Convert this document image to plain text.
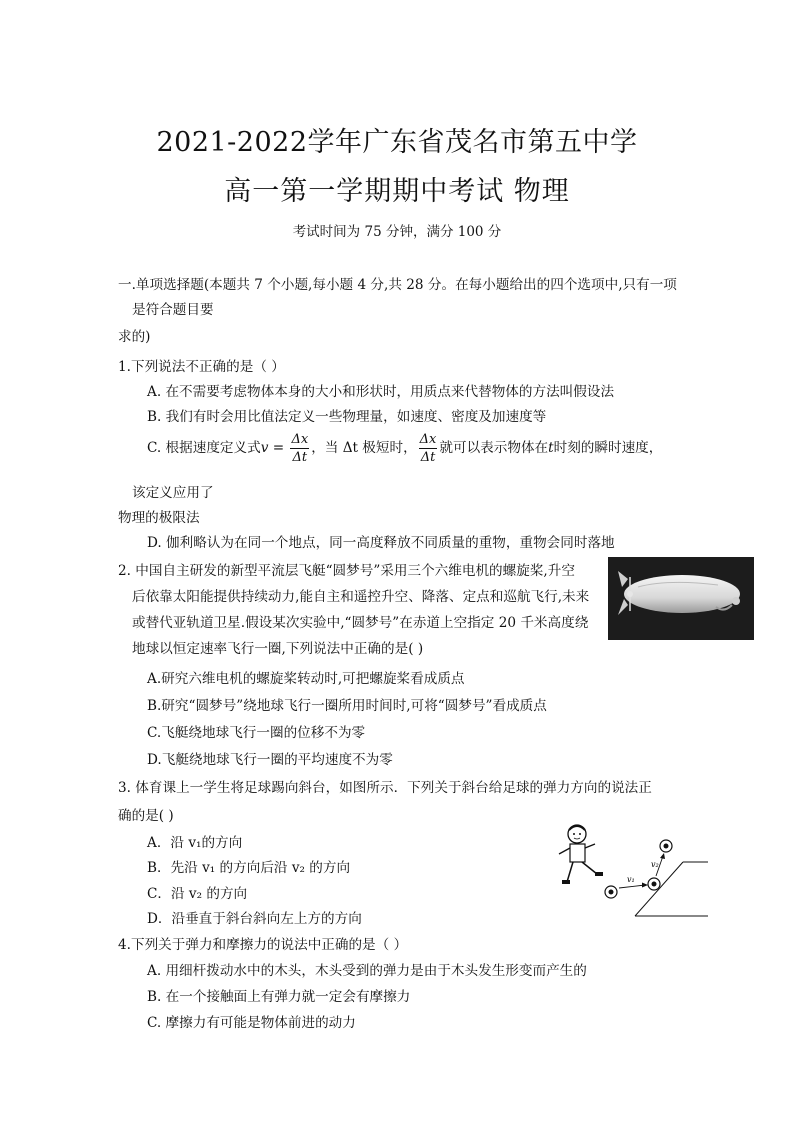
2021-2022学年广东省茂名市第五中学
高一第一学期期中考试 物理
考试时间为 75 分钟，满分 100 分
一.单项选择题(本题共 7 个小题,每小题 4 分,共 28 分。在每小题给出的四个选项中,只有一项
是符合题目要
求的)
1.下列说法不正确的是（ ）
A. 在不需要考虑物体本身的大小和形状时，用质点来代替物体的方法叫假设法
B. 我们有时会用比值法定义一些物理量，如速度、密度及加速度等
C. 根据速度定义式$v = \frac{\Delta x}{\Delta t}$ ，当 Δt 极短时， $\frac{\Delta x}{\Delta t}$ 就可以表示物体在t时刻的瞬时速度，
该定义应用了
物理的极限法
D. 伽利略认为在同一个地点，同一高度释放不同质量的重物，重物会同时落地
2. 中国自主研发的新型平流层飞艇“圆梦号”采用三个六维电机的螺旋桨,升空
后依靠太阳能提供持续动力,能自主和遥控升空、降落、定点和巡航飞行,未来
或替代亚轨道卫星.假设某次实验中,“圆梦号”在赤道上空指定 20 千米高度绕
地球以恒定速率飞行一圈,下列说法中正确的是( )
A.研究六维电机的螺旋桨转动时,可把螺旋桨看成质点
B.研究“圆梦号”绕地球飞行一圈所用时间时,可将“圆梦号”看成质点
C.飞艇绕地球飞行一圈的位移不为零
D.飞艇绕地球飞行一圈的平均速度不为零
3. 体育课上一学生将足球踢向斜台，如图所示．下列关于斜台给足球的弹力方向的说法正
确的是( )
A．沿 v₁的方向
B．先沿 v₁ 的方向后沿 v₂ 的方向
C．沿 v₂ 的方向
D．沿垂直于斜台斜向左上方的方向
v₁
v₂
4.下列关于弹力和摩擦力的说法中正确的是（ ）
A. 用细杆拨动水中的木头，木头受到的弹力是由于木头发生形变而产生的
B. 在一个接触面上有弹力就一定会有摩擦力
C. 摩擦力有可能是物体前进的动力
